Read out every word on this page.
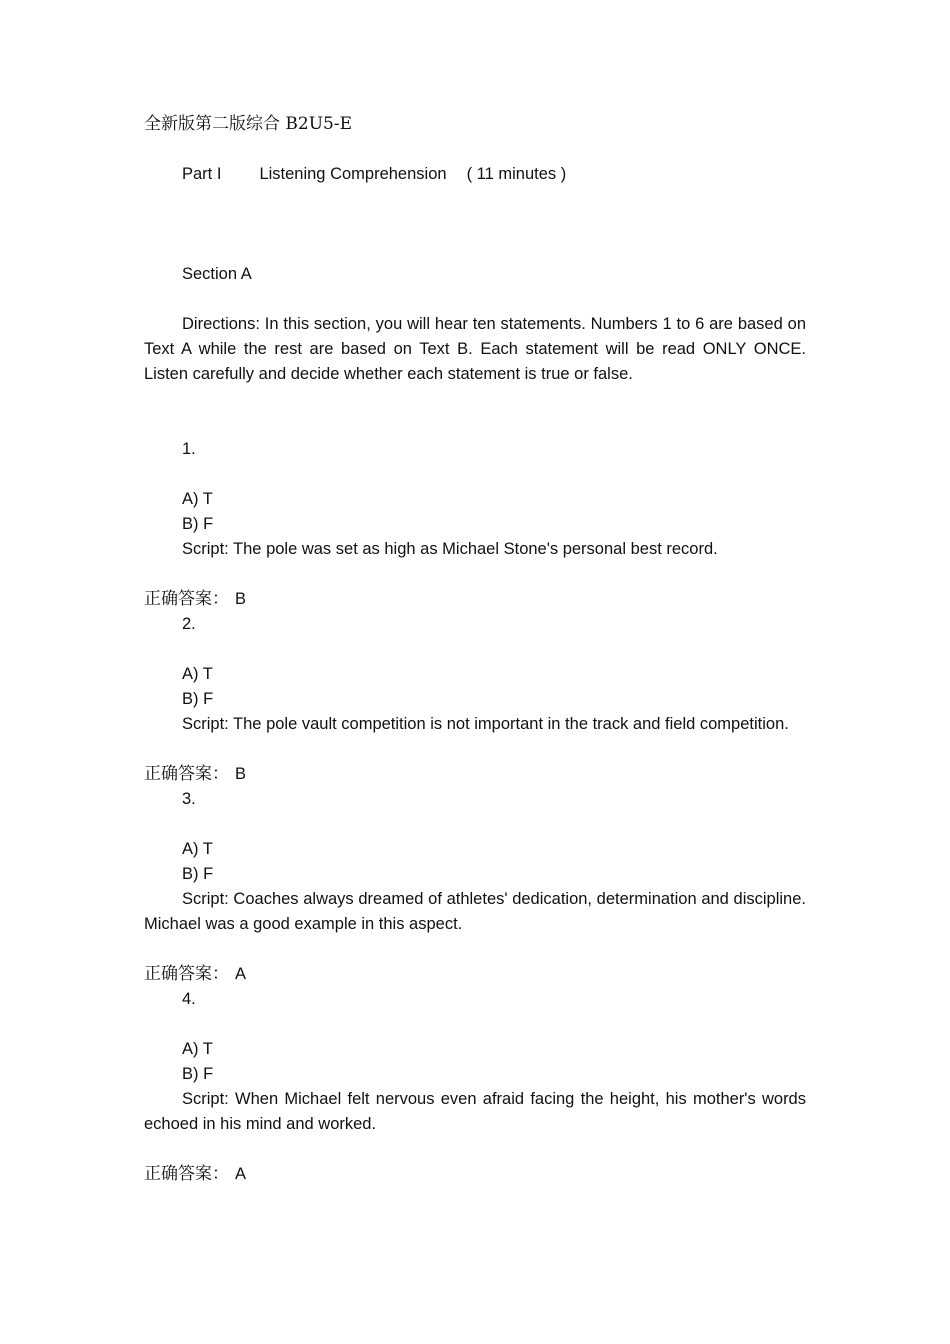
全新版第二版综合 B2U5-E
Part I Listening Comprehension ( 11 minutes )
Section A
Directions: In this section, you will hear ten statements. Numbers 1 to 6 are based on Text A while the rest are based on Text B. Each statement will be read ONLY ONCE. Listen carefully and decide whether each statement is true or false.
1.
A) T
B) F
Script: The pole was set as high as Michael Stone's personal best record.
正确答案： B
2.
A) T
B) F
Script: The pole vault competition is not important in the track and field competition.
正确答案： B
3.
A) T
B) F
Script: Coaches always dreamed of athletes' dedication, determination and discipline. Michael was a good example in this aspect.
正确答案： A
4.
A) T
B) F
Script: When Michael felt nervous even afraid facing the height, his mother's words echoed in his mind and worked.
正确答案： A
